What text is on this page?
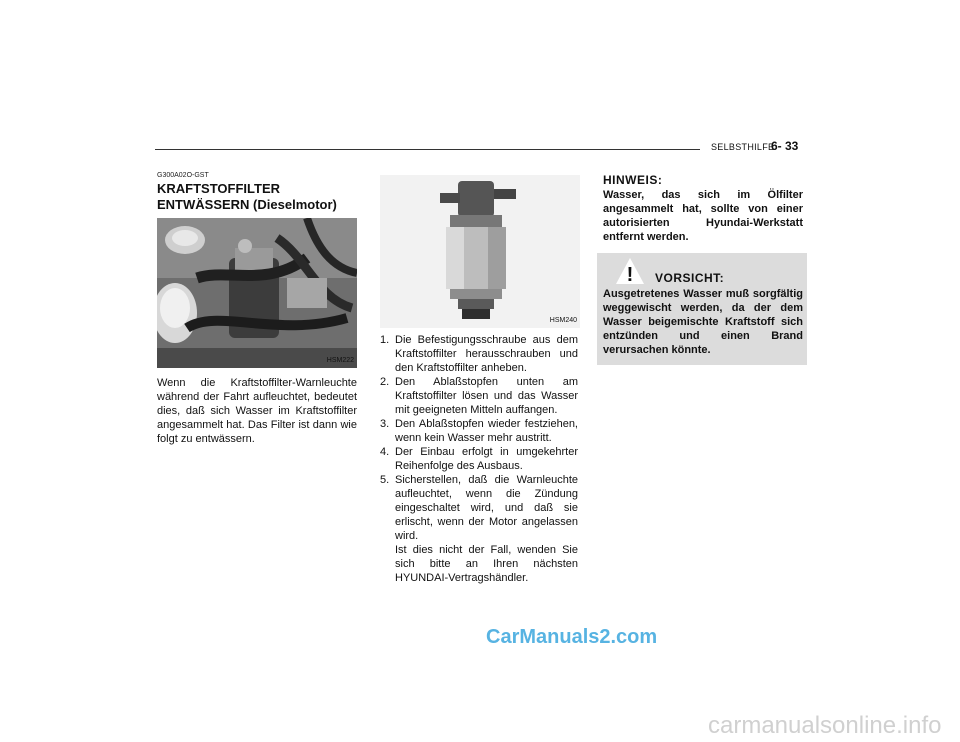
SELBSTHILFE
6- 33
G300A02O-GST
KRAFTSTOFFILTER ENTWÄSSERN (Dieselmotor)
HSM222

Wenn die Kraftstoffilter-Warnleuchte während der Fahrt aufleuchtet, bedeutet dies, daß sich Wasser im Kraftstoffilter angesammelt hat. Das Filter ist dann wie folgt zu entwässern.

HSM240
1. Die Befestigungsschraube aus dem Kraftstoffilter herausschrauben und den Kraftstoffilter anheben.
2. Den Ablaßstopfen unten am Kraftstoffilter lösen und das Wasser mit geeigneten Mitteln auffangen.
3. Den Ablaßstopfen wieder festziehen, wenn kein Wasser mehr austritt.
4. Der Einbau erfolgt in umgekehrter Reihenfolge des Ausbaus.
5. Sicherstellen, daß die Warnleuchte aufleuchtet, wenn die Zündung eingeschaltet wird, und daß sie erlischt, wenn der Motor angelassen wird.
Ist dies nicht der Fall, wenden Sie sich bitte an Ihren nächsten HYUNDAI-Vertragshändler.
HINWEIS:

Wasser, das sich im Ölfilter angesammelt hat, sollte von einer autorisierten Hyundai-Werkstatt entfernt werden.

! VORSICHT:

Ausgetretenes Wasser muß sorgfältig weggewischt werden, da der dem Wasser beigemischte Kraftstoff sich entzünden und einen Brand verursachen könnte.

CarManuals2.com
carmanualsonline.info
